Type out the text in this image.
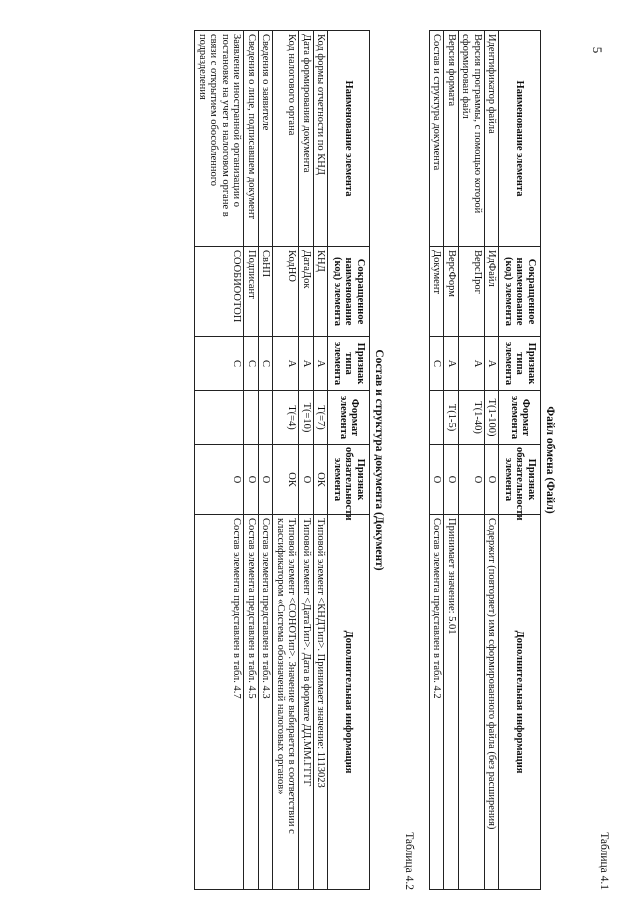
5
Таблица 4.1
Файл обмена (Файл)
Наименование элемента	Сокращенное наименование (код) элемента	Признак типа элемента	Формат элемента	Признак обязательности элемента	Дополнительная информация
Идентификатор файла	ИдФайл	А	T(1-100)	О	Содержит (повторяет) имя сформированного файла (без расширения)
Версия программы, с помощью которой сформирован файл	ВерсПрог	А	T(1-40)	О	
Версия формата	ВерсФорм	А	T(1-5)	О	Принимает значение: 5.01
Состав и структура документа	Документ	С		О	Состав элемента представлен в табл. 4.2
Таблица 4.2
Состав и структура документа (Документ)
Наименование элемента	Сокращенное наименование (код) элемента	Признак типа элемента	Формат элемента	Признак обязательности элемента	Дополнительная информация
Код формы отчетности по КНД	КНД	А	T(=7)	ОК	Типовой элемент <КНДТип>. Принимает значение: 1113023
Дата формирования документа	ДатаДок	А	T(=10)	О	Типовой элемент <ДатаТип>. Дата в формате ДД.ММ.ГГГГ
Код налогового органа	КодНО	А	T(=4)	ОК	Типовой элемент <СОНОТип>. Значение выбирается в соответствии с классификатором «Система обозначений налоговых органов»
Сведения о заявителе	СвНП	С		О	Состав элемента представлен в табл. 4.3
Сведения о лице, подписавшем документ	Подписант	С		О	Состав элемента представлен в табл. 4.5
Заявление иностранной организации о постановке на учет в налоговом органе в связи с открытием обособленного подразделения	СООБИООТОП	С		О	Состав элемента представлен в табл. 4.7
